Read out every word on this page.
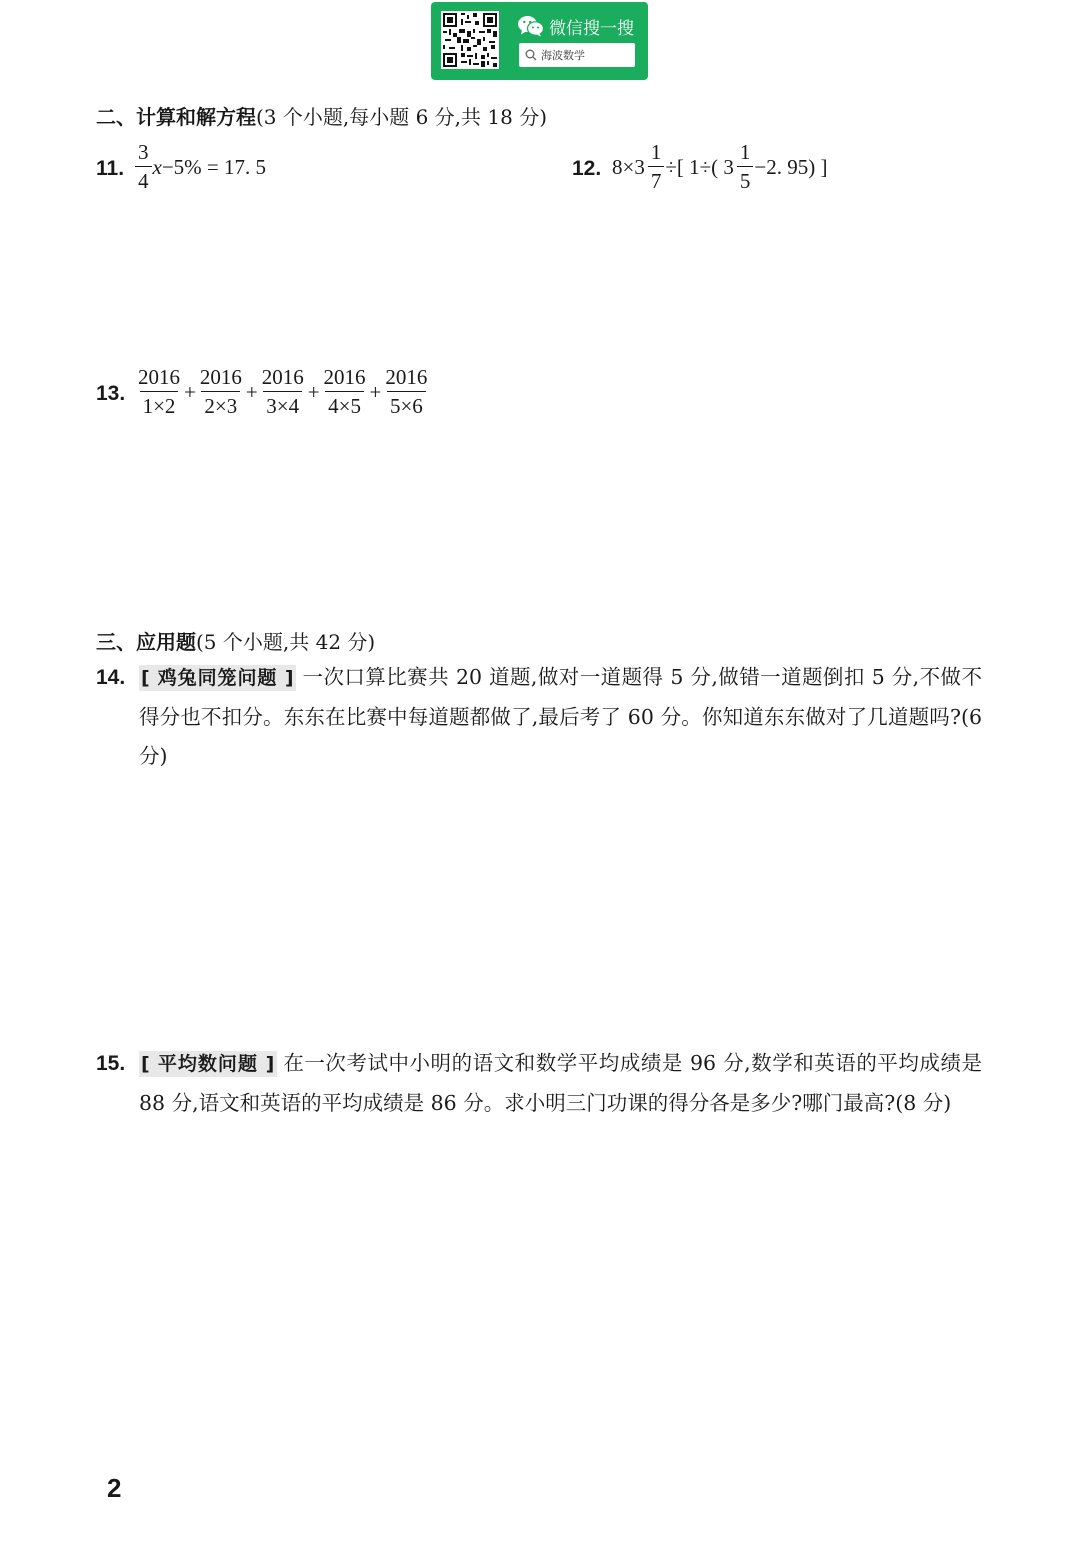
微信搜一搜
海波数学
二、计算和解方程(3 个小题,每小题 6 分,共 18 分)
11. $\frac{3}{4}$ x −5% = 17. 5	12. $8\times 3 \frac{1}{7}$ ÷[ 1÷( $3 \frac{1}{5} -2$. 95) ]
13. $\frac{2016}{1\times 2} + \frac{2016}{2\times 3} + \frac{2016}{3\times 4} + \frac{2016}{4\times 5} + \frac{2016}{5\times 6}$
三、应用题(5 个小题,共 42 分)
14. [ 鸡兔同笼问题 ] 一次口算比赛共 20 道题,做对一道题得 5 分,做错一道题倒扣 5 分,不做不得分也不扣分。东东在比赛中每道题都做了,最后考了 60 分。你知道东东做对了几道题吗?(6 分)
15. [ 平均数问题 ] 在一次考试中小明的语文和数学平均成绩是 96 分,数学和英语的平均成绩是 88 分,语文和英语的平均成绩是 86 分。求小明三门功课的得分各是多少?哪门最高?(8 分)
2
